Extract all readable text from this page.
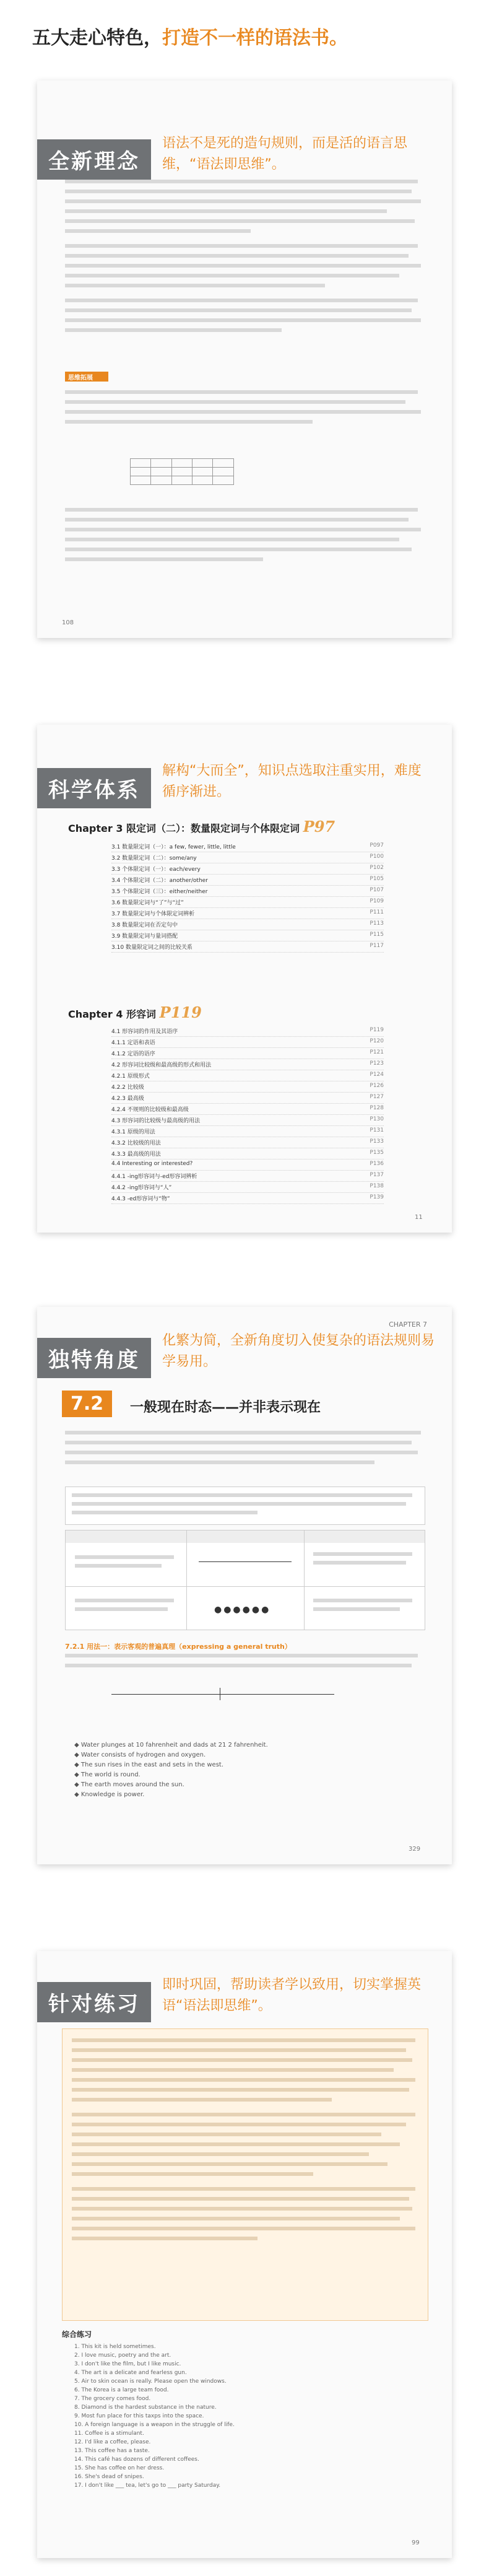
五大走心特色，打造不一样的语法书。
思维拓展

108
全新理念
语法不是死的造句规则，而是活的语言思维，“语法即思维”。
Chapter 3 限定词（二）：数量限定词与个体限定词 P97
3.1 数量限定词（一）：a few, fewer, little, little	P097
3.2 数量限定词（二）：some/any	P100
3.3 个体限定词（一）：each/every	P102
3.4 个体限定词（二）：another/other	P105
3.5 个体限定词（三）：either/neither	P107
3.6 数量限定词与“了”与“过”	P109
3.7 数量限定词与个体限定词辨析	P111
3.8 数量限定词在否定句中	P113
3.9 数量限定词与量词搭配	P115
3.10 数量限定词之间的比较关系	P117
Chapter 4 形容词 P119
4.1 形容词的作用及其语序	P119
4.1.1 定语和表语	P120
4.1.2 定语的语序	P121
4.2 形容词比较级和最高级的形式和用法	P123
4.2.1 原级形式	P124
4.2.2 比较级	P126
4.2.3 最高级	P127
4.2.4 不规则的比较级和最高级	P128
4.3 形容词的比较级与最高级的用法	P130
4.3.1 原级的用法	P131
4.3.2 比较级的用法	P133
4.3.3 最高级的用法	P135
4.4 Interesting or interested?	P136
4.4.1 -ing形容词与-ed形容词辨析	P137
4.4.2 -ing形容词与“人”	P138
4.4.3 -ed形容词与“物”	P139
11
科学体系
解构“大而全”，知识点选取注重实用，难度循序渐进。
CHAPTER 7
7.2	一般现在时态——并非表示现在
●●●●●●
7.2.1 用法一：表示客观的普遍真理（expressing a general truth）
◆ Water plunges at 10 fahrenheit and dads at 21 2 fahrenheit.
◆ Water consists of hydrogen and oxygen.
◆ The sun rises in the east and sets in the west.
◆ The world is round.
◆ The earth moves around the sun.
◆ Knowledge is power.
329
独特角度
化繁为简，全新角度切入使复杂的语法规则易学易用。
综合练习
1. This kit is held sometimes.
2. I love music, poetry and the art.
3. I don't like the film, but I like music.
4. The art is a delicate and fearless gun.
5. Air to skin ocean is really. Please open the windows.
6. The Korea is a large team food.
7. The grocery comes food.
8. Diamond is the hardest substance in the nature.
9. Most fun place for this taxps into the space.
10. A foreign language is a weapon in the struggle of life.
11. Coffee is a stimulant.
12. I'd like a coffee, please.
13. This coffee has a taste.
14. This café has dozens of different coffees.
15. She has coffee on her dress.
16. She's dead of snipes.
17. I don't like ___ tea, let's go to ___ party Saturday.
99
针对练习
即时巩固，帮助读者学以致用，切实掌握英语“语法即思维”。
